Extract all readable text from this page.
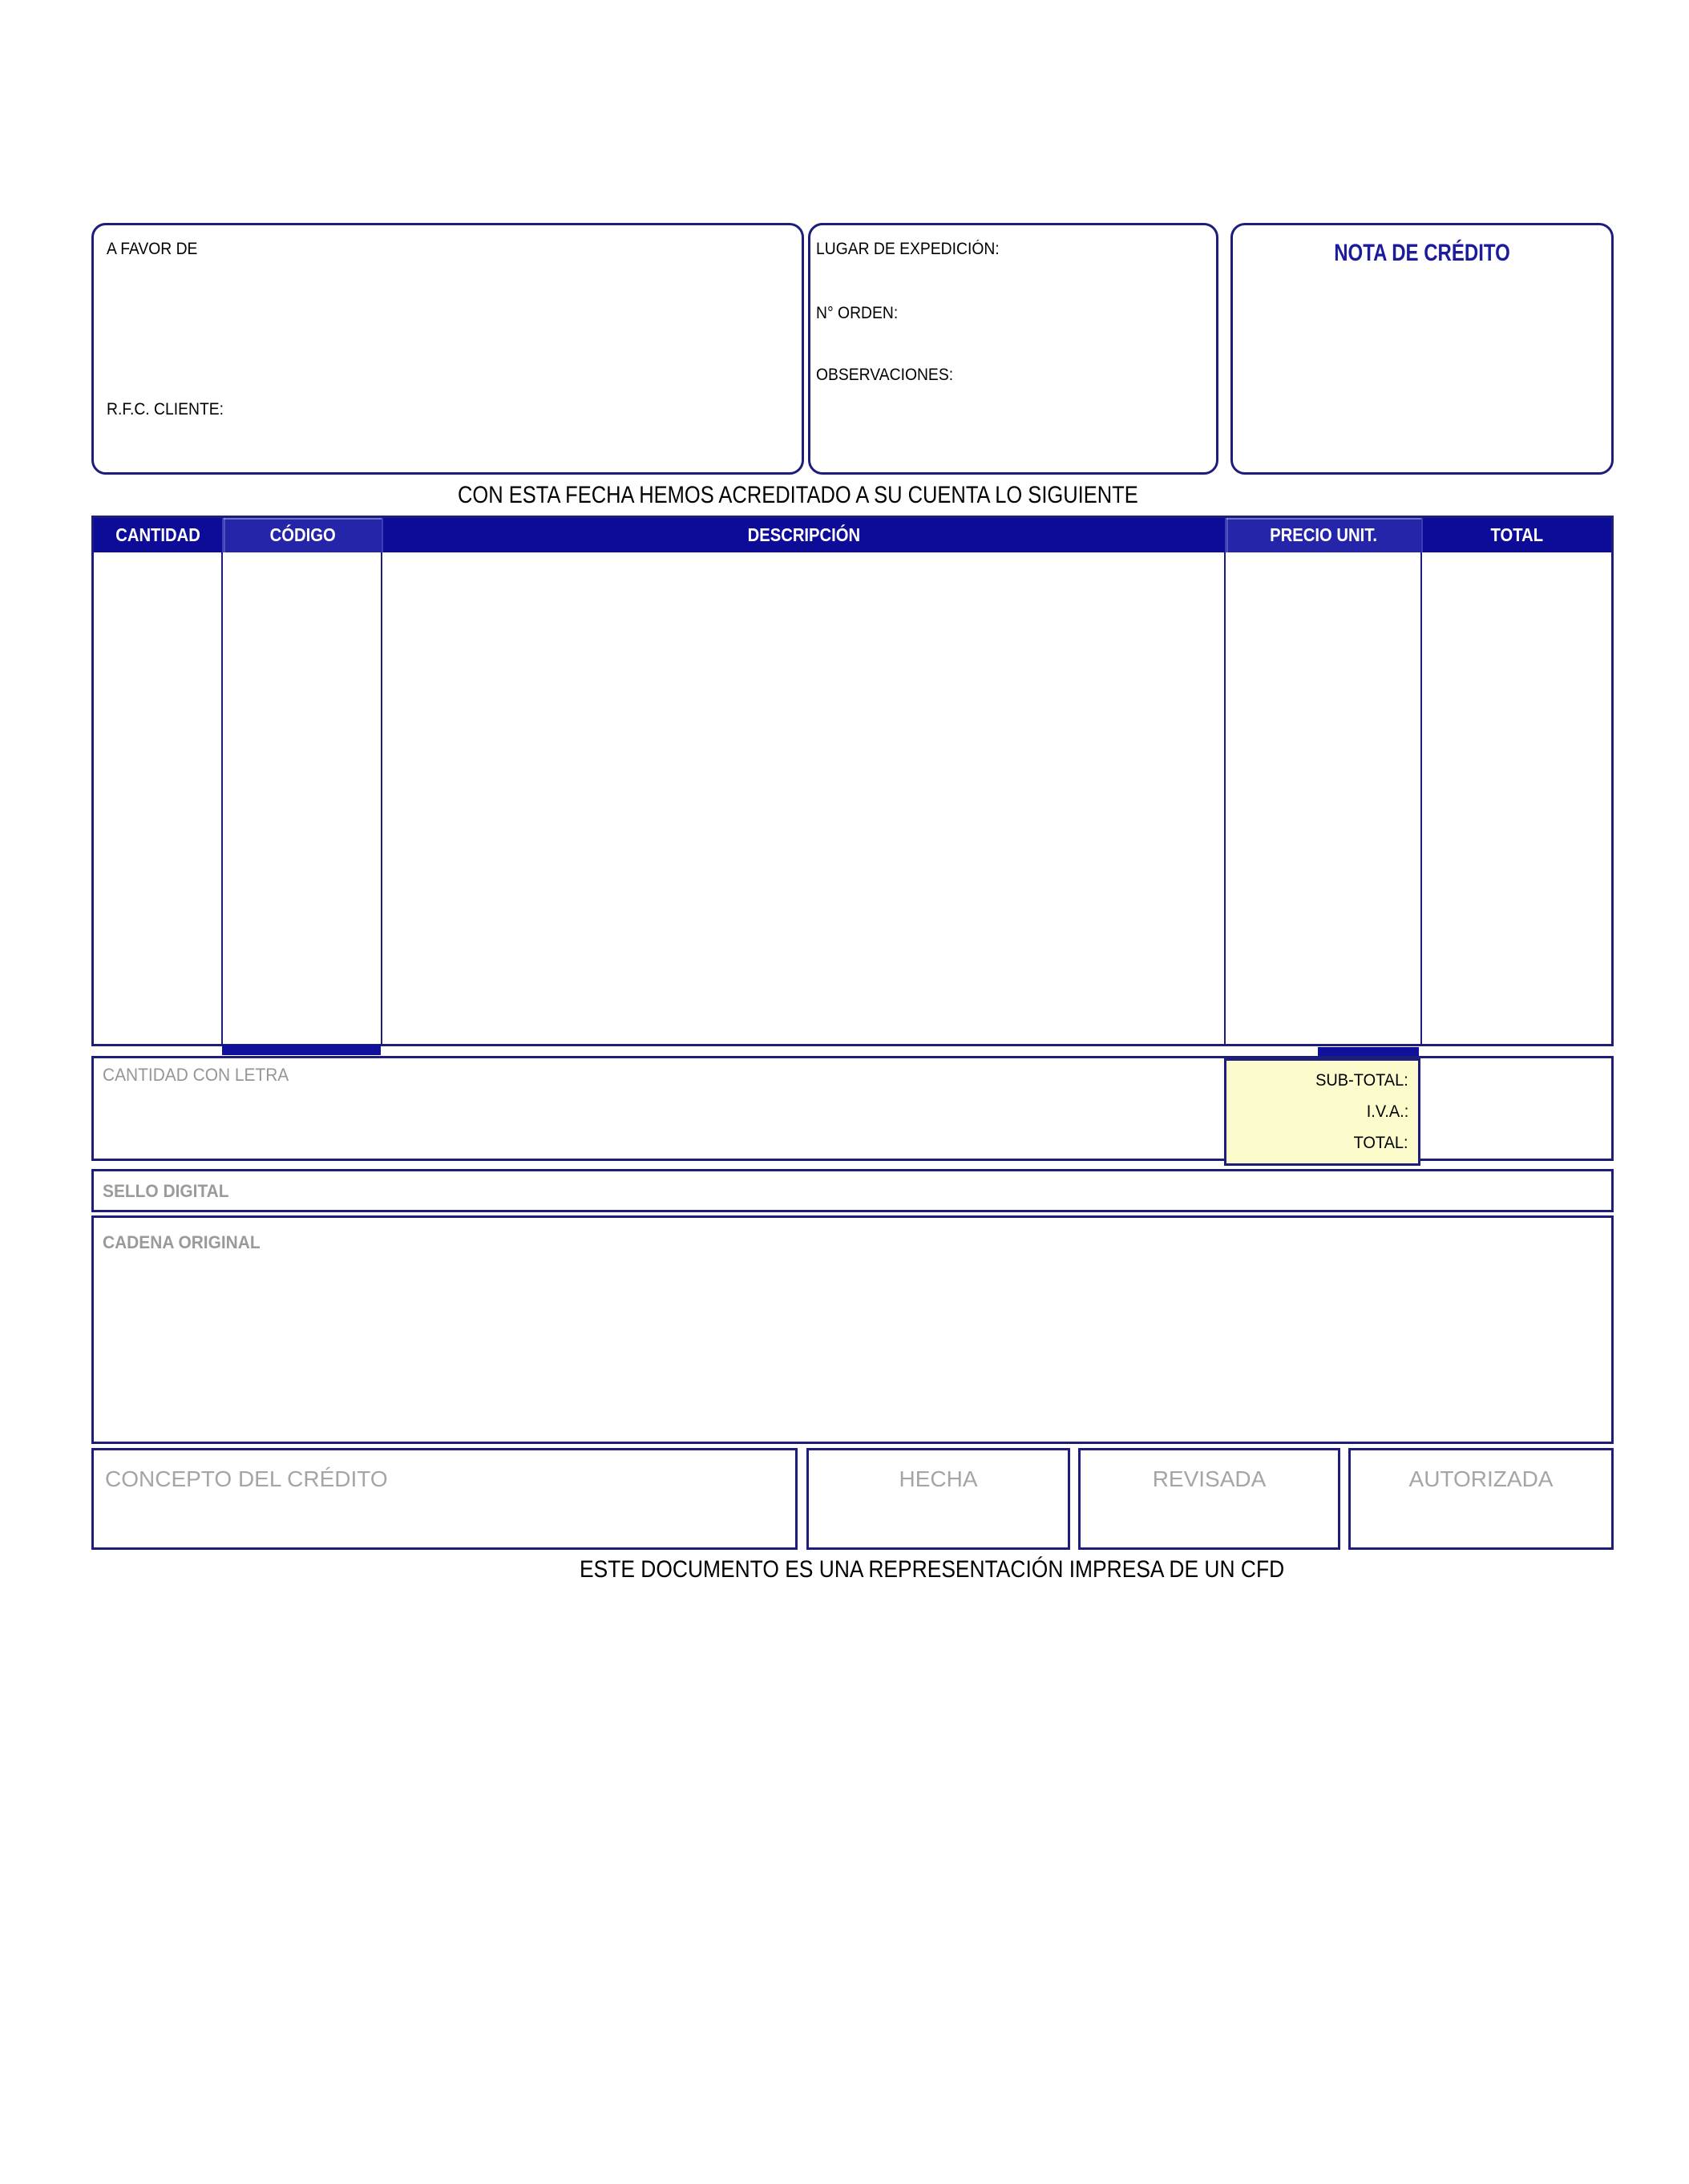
A FAVOR DE
R.F.C. CLIENTE:
LUGAR DE EXPEDICIÓN:
N° ORDEN:
OBSERVACIONES:
NOTA DE CRÉDITO
CON ESTA FECHA HEMOS ACREDITADO A SU CUENTA LO SIGUIENTE
CANTIDAD	CÓDIGO	DESCRIPCIÓN	PRECIO UNIT.	TOTAL
CANTIDAD CON LETRA	SUB-TOTAL:
I.V.A.:
TOTAL:
SELLO DIGITAL
CADENA ORIGINAL
CONCEPTO DEL CRÉDITO	HECHA	REVISADA	AUTORIZADA
ESTE DOCUMENTO ES UNA REPRESENTACIÓN IMPRESA DE UN CFD
